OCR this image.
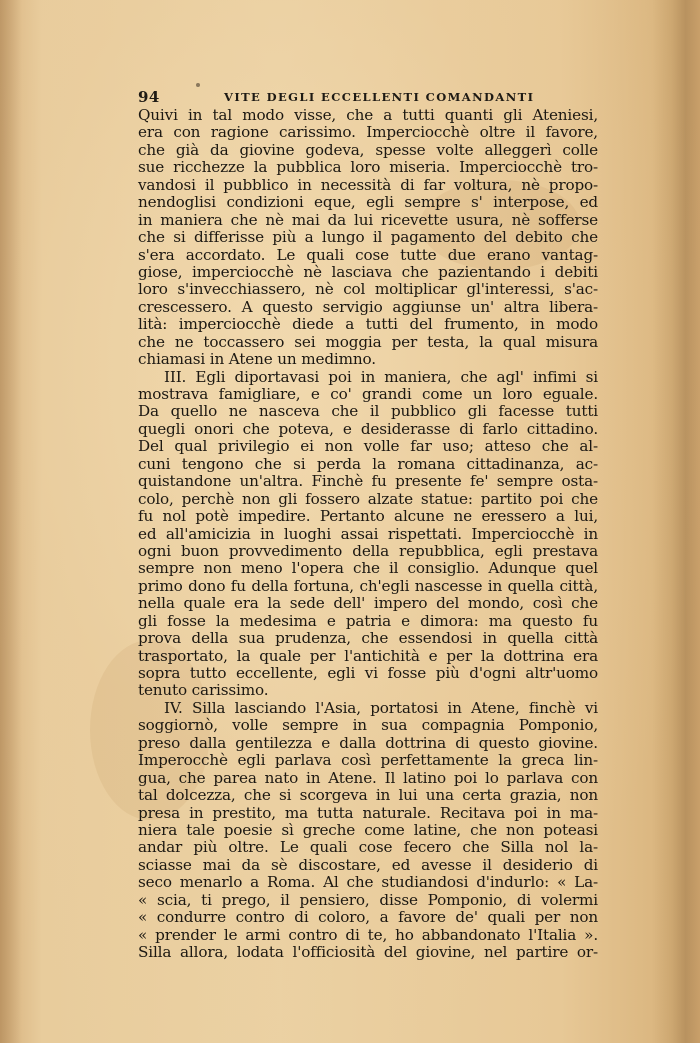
94	VITE DEGLI ECCELLENTI COMANDANTI
Quivi in tal modo visse, che a tutti quanti gli Ateniesi,
era con ragione carissimo. Imperciocchè oltre il favore,
che già da giovine godeva, spesse volte alleggerì colle
sue ricchezze la pubblica loro miseria. Imperciocchè tro-
vandosi il pubblico in necessità di far voltura, nè propo-
nendoglisi condizioni eque, egli sempre s' interpose, ed
in maniera che nè mai da lui ricevette usura, nè sofferse
che si differisse più a lungo il pagamento del debito che
s'era accordato. Le quali cose tutte due erano vantag-
giose, imperciocchè nè lasciava che pazientando i debiti
loro s'invecchiassero, nè col moltiplicar gl'interessi, s'ac-
crescessero. A questo servigio aggiunse un' altra libera-
lità: imperciocchè diede a tutti del frumento, in modo
che ne toccassero sei moggia per testa, la qual misura
chiamasi in Atene un medimno.
III. Egli diportavasi poi in maniera, che agl' infimi si
mostrava famigliare, e co' grandi come un loro eguale.
Da quello ne nasceva che il pubblico gli facesse tutti
quegli onori che poteva, e desiderasse di farlo cittadino.
Del qual privilegio ei non volle far uso; atteso che al-
cuni tengono che si perda la romana cittadinanza, ac-
quistandone un'altra. Finchè fu presente fe' sempre osta-
colo, perchè non gli fossero alzate statue: partito poi che
fu nol potè impedire. Pertanto alcune ne eressero a lui,
ed all'amicizia in luoghi assai rispettati. Imperciocchè in
ogni buon provvedimento della repubblica, egli prestava
sempre non meno l'opera che il consiglio. Adunque quel
primo dono fu della fortuna, ch'egli nascesse in quella città,
nella quale era la sede dell' impero del mondo, così che
gli fosse la medesima e patria e dimora: ma questo fu
prova della sua prudenza, che essendosi in quella città
trasportato, la quale per l'antichità e per la dottrina era
sopra tutto eccellente, egli vi fosse più d'ogni altr'uomo
tenuto carissimo.
IV. Silla lasciando l'Asia, portatosi in Atene, finchè vi
soggiornò, volle sempre in sua compagnia Pomponio,
preso dalla gentilezza e dalla dottrina di questo giovine.
Imperocchè egli parlava così perfettamente la greca lin-
gua, che parea nato in Atene. Il latino poi lo parlava con
tal dolcezza, che si scorgeva in lui una certa grazia, non
presa in prestito, ma tutta naturale. Recitava poi in ma-
niera tale poesie sì greche come latine, che non poteasi
andar più oltre. Le quali cose fecero che Silla nol la-
sciasse mai da sè discostare, ed avesse il desiderio di
seco menarlo a Roma. Al che studiandosi d'indurlo: « La-
« scia, ti prego, il pensiero, disse Pomponio, di volermi
« condurre contro di coloro, a favore de' quali per non
« prender le armi contro di te, ho abbandonato l'Italia ».
Silla allora, lodata l'officiosità del giovine, nel partire or-
